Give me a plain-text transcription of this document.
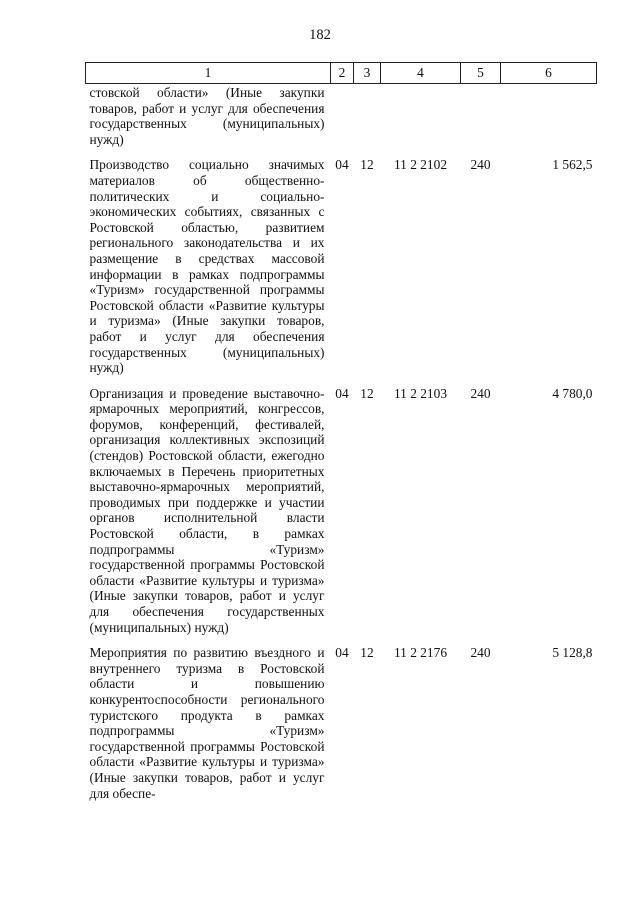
182
1	2	3	4	5	6
стовской области» (Иные закупки товаров, работ и услуг для обеспечения государственных (муниципальных) нужд)					
Производство социально значимых материалов об общественно-политических и социально-экономических событиях, связанных с Ростовской областью, развитием регионального законодательства и их размещение в средствах массовой информации в рамках подпрограммы «Туризм» государственной программы Ростовской области «Развитие культуры и туризма» (Иные закупки товаров, работ и услуг для обеспечения государственных (муниципальных) нужд)	04	12	11 2 2102	240	1 562,5
Организация и проведение выставочно-ярмарочных мероприятий, конгрессов, форумов, конференций, фестивалей, организация коллективных экспозиций (стендов) Ростовской области, ежегодно включаемых в Перечень приоритетных выставочно-ярмарочных мероприятий, проводимых при поддержке и участии органов исполнительной власти Ростовской области, в рамках подпрограммы «Туризм» государственной программы Ростовской области «Развитие культуры и туризма» (Иные закупки товаров, работ и услуг для обеспечения государственных (муниципальных) нужд)	04	12	11 2 2103	240	4 780,0
Мероприятия по развитию въездного и внутреннего туризма в Ростовской области и повышению конкурентоспособности регионального туристского продукта в рамках подпрограммы «Туризм» государственной программы Ростовской области «Развитие культуры и туризма» (Иные закупки товаров, работ и услуг для обеспе-	04	12	11 2 2176	240	5 128,8
